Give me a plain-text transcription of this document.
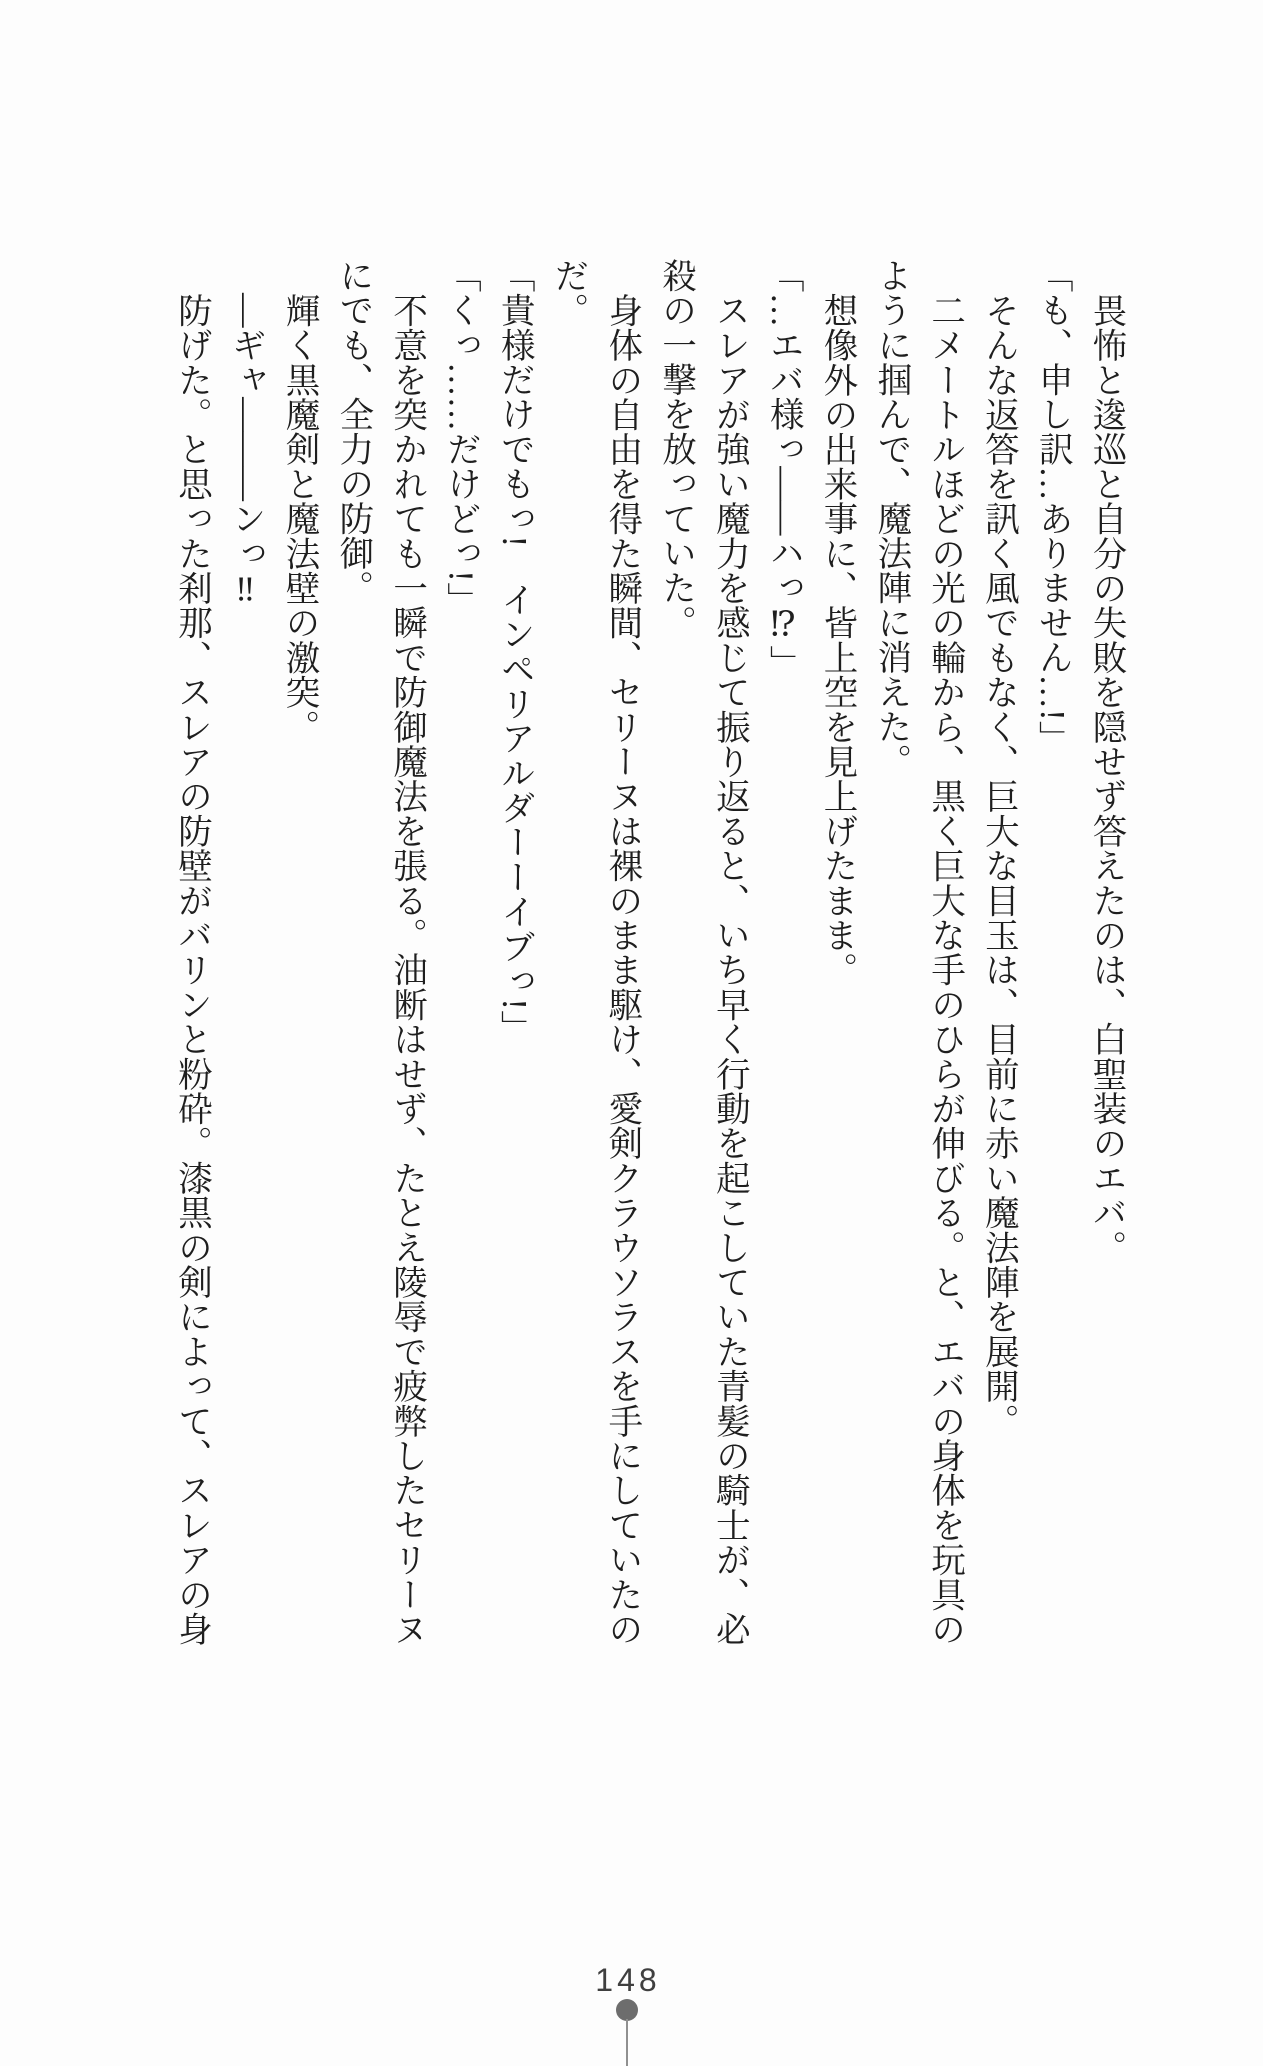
畏怖と逡巡と自分の失敗を隠せず答えたのは、白聖装のエバ。

「も、申し訳…ありません…!」

そんな返答を訊く風でもなく、巨大な目玉は、目前に赤い魔法陣を展開。

二メートルほどの光の輪から、黒く巨大な手のひらが伸びる。と、エバの身体を玩具の

ように掴んで、魔法陣に消えた。

想像外の出来事に、皆上空を見上げたまま。

「…エバ様っ――ハっ⁉」

スレアが強い魔力を感じて振り返ると、いち早く行動を起こしていた青髪の騎士が、必

殺の一撃を放っていた。

身体の自由を得た瞬間、セリーヌは裸のまま駆け、愛剣クラウソラスを手にしていたの

だ。

「貴様だけでもっ!　インペリアルダーーイブっ!」

「くっ……だけどっ!」

不意を突かれても一瞬で防御魔法を張る。油断はせず、たとえ陵辱で疲弊したセリーヌ

にでも、全力の防御。

輝く黒魔剣と魔法壁の激突。

―ギャ―――ンっ‼

防げた。と思った刹那、スレアの防壁がバリンと粉砕。漆黒の剣によって、スレアの身

148
